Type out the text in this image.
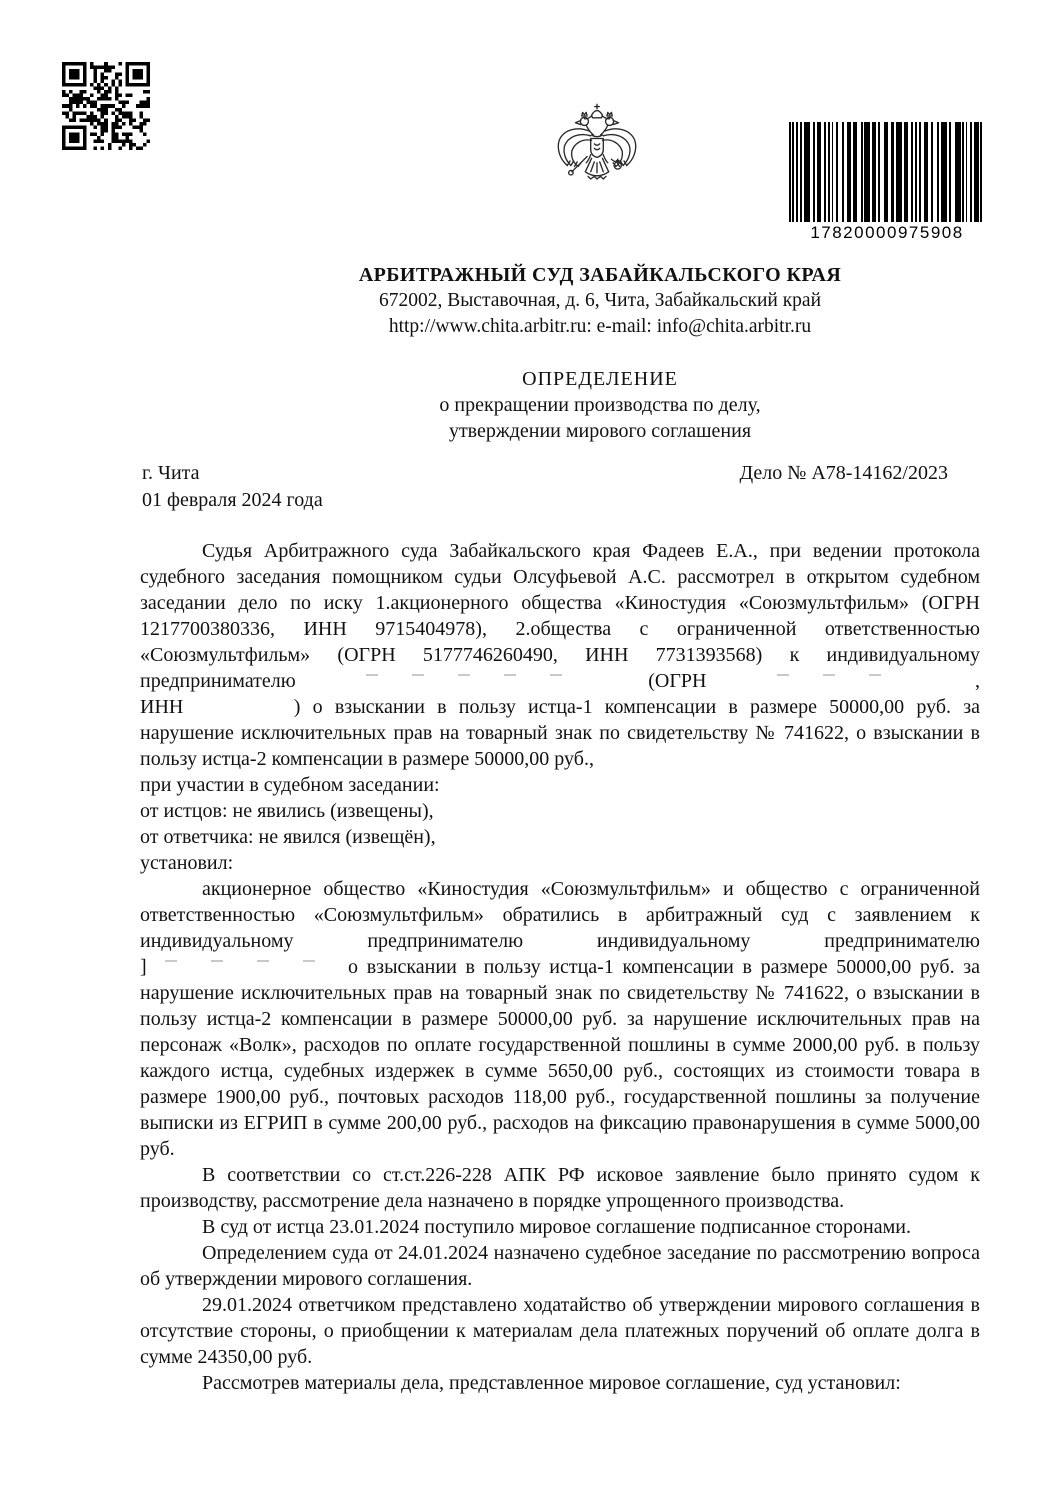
17820000975908
АРБИТРАЖНЫЙ СУД ЗАБАЙКАЛЬСКОГО КРАЯ
672002, Выставочная, д. 6, Чита, Забайкальский край
http://www.chita.arbitr.ru: e-mail: info@chita.arbitr.ru
ОПРЕДЕЛЕНИЕ
о прекращении производства по делу,
утверждении мирового соглашения
г. Чита	Дело № А78-14162/2023
01 февраля 2024 года

Судья Арбитражного суда Забайкальского края Фадеев Е.А., при ведении протокола судебного заседания помощником судьи Олсуфьевой А.С. рассмотрел в открытом судебном заседании дело по иску 1.акционерного общества «Киностудия «Союзмультфильм» (ОГРН 1217700380336, ИНН 9715404978), 2.общества с ограниченной ответственностью «Союзмультфильм» (ОГРН 5177746260490, ИНН 7731393568) к индивидуальному предпринимателю	(ОГРН	,

ИНН	) о взыскании в пользу истца-1 компенсации в размере 50000,00 руб. за нарушение исключительных прав на товарный знак по свидетельству № 741622, о взыскании в пользу истца-2 компенсации в размере 50000,00 руб.,

при участии в судебном заседании:

от истцов: не явились (извещены),

от ответчика: не явился (извещён),

установил:

акционерное общество «Киностудия «Союзмультфильм» и общество с ограниченной ответственностью «Союзмультфильм» обратились в арбитражный суд с заявлением к индивидуальному предпринимателю индивидуальному предпринимателю

]	о взыскании в пользу истца-1 компенсации в размере 50000,00 руб. за нарушение исключительных прав на товарный знак по свидетельству № 741622, о взыскании в пользу истца-2 компенсации в размере 50000,00 руб. за нарушение исключительных прав на персонаж «Волк», расходов по оплате государственной пошлины в сумме 2000,00 руб. в пользу каждого истца, судебных издержек в сумме 5650,00 руб., состоящих из стоимости товара в размере 1900,00 руб., почтовых расходов 118,00 руб., государственной пошлины за получение выписки из ЕГРИП в сумме 200,00 руб., расходов на фиксацию правонарушения в сумме 5000,00 руб.

В соответствии со ст.ст.226-228 АПК РФ исковое заявление было принято судом к производству, рассмотрение дела назначено в порядке упрощенного производства.

В суд от истца 23.01.2024 поступило мировое соглашение подписанное сторонами.

Определением суда от 24.01.2024 назначено судебное заседание по рассмотрению вопроса об утверждении мирового соглашения.

29.01.2024 ответчиком представлено ходатайство об утверждении мирового соглашения в отсутствие стороны, о приобщении к материалам дела платежных поручений об оплате долга в сумме 24350,00 руб.

Рассмотрев материалы дела, представленное мировое соглашение, суд установил:
